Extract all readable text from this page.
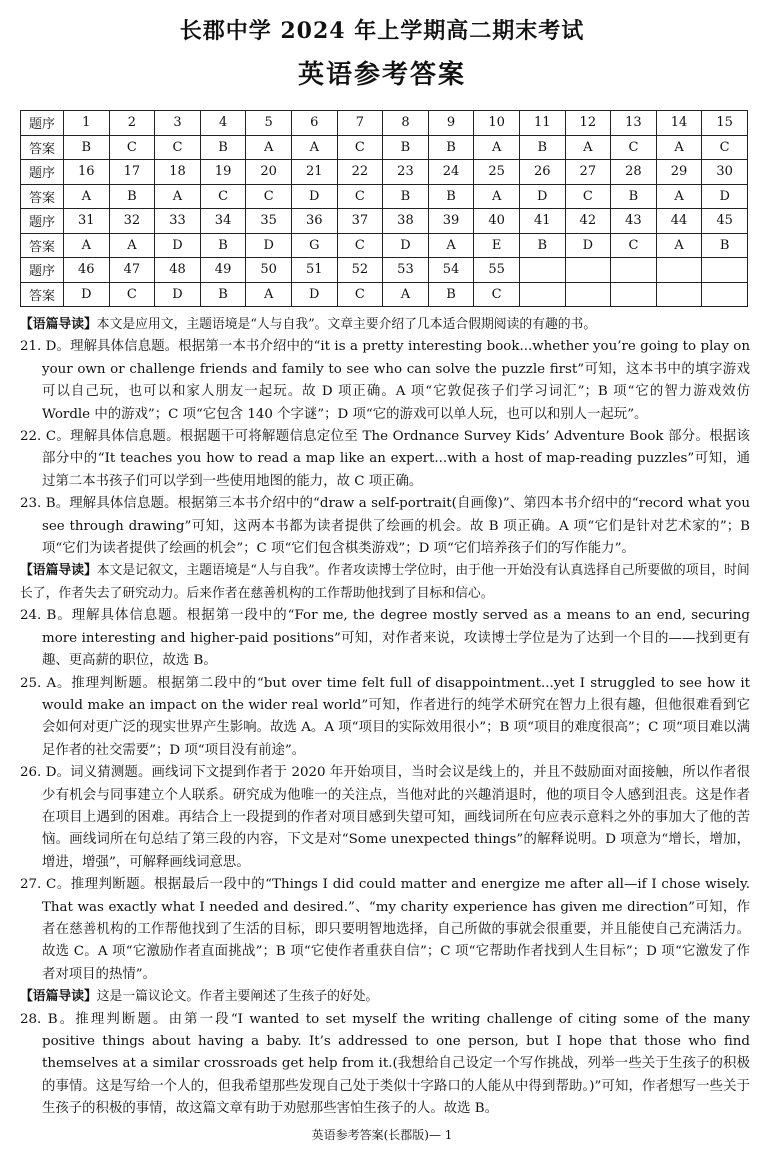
长郡中学 2024 年上学期高二期末考试
英语参考答案
题序	1	2	3	4	5	6	7	8	9	10	11	12	13	14	15
答案	B	C	C	B	A	A	C	B	B	A	B	A	C	A	C
题序	16	17	18	19	20	21	22	23	24	25	26	27	28	29	30
答案	A	B	A	C	C	D	C	B	B	A	D	C	B	A	D
题序	31	32	33	34	35	36	37	38	39	40	41	42	43	44	45
答案	A	A	D	B	D	G	C	D	A	E	B	D	C	A	B
题序	46	47	48	49	50	51	52	53	54	55					
答案	D	C	D	B	A	D	C	A	B	C					

【语篇导读】本文是应用文，主题语境是“人与自我”。文章主要介绍了几本适合假期阅读的有趣的书。

21. D。理解具体信息题。根据第一本书介绍中的“it is a pretty interesting book...whether you’re going to play on your own or challenge friends and family to see who can solve the puzzle first”可知，这本书中的填字游戏可以自己玩，也可以和家人朋友一起玩。故 D 项正确。A 项“它敦促孩子们学习词汇”；B 项“它的智力游戏效仿 Wordle 中的游戏”；C 项“它包含 140 个字谜”；D 项“它的游戏可以单人玩，也可以和别人一起玩”。

22. C。理解具体信息题。根据题干可将解题信息定位至 The Ordnance Survey Kids’ Adventure Book 部分。根据该部分中的“It teaches you how to read a map like an expert...with a host of map-reading puzzles”可知，通过第二本书孩子们可以学到一些使用地图的能力，故 C 项正确。

23. B。理解具体信息题。根据第三本书介绍中的“draw a self-portrait(自画像)”、第四本书介绍中的“record what you see through drawing”可知，这两本书都为读者提供了绘画的机会。故 B 项正确。A 项“它们是针对艺术家的”；B 项“它们为读者提供了绘画的机会”；C 项“它们包含棋类游戏”；D 项“它们培养孩子们的写作能力”。

【语篇导读】本文是记叙文，主题语境是“人与自我”。作者攻读博士学位时，由于他一开始没有认真选择自己所要做的项目，时间长了，作者失去了研究动力。后来作者在慈善机构的工作帮助他找到了目标和信心。

24. B。理解具体信息题。根据第一段中的“For me, the degree mostly served as a means to an end, securing more interesting and higher-paid positions”可知，对作者来说，攻读博士学位是为了达到一个目的——找到更有趣、更高薪的职位，故选 B。

25. A。推理判断题。根据第二段中的“but over time felt full of disappointment...yet I struggled to see how it would make an impact on the wider real world”可知，作者进行的纯学术研究在智力上很有趣，但他很难看到它会如何对更广泛的现实世界产生影响。故选 A。A 项“项目的实际效用很小”；B 项“项目的难度很高”；C 项“项目难以满足作者的社交需要”；D 项“项目没有前途”。

26. D。词义猜测题。画线词下文提到作者于 2020 年开始项目，当时会议是线上的，并且不鼓励面对面接触，所以作者很少有机会与同事建立个人联系。研究成为他唯一的关注点，当他对此的兴趣消退时，他的项目令人感到沮丧。这是作者在项目上遇到的困难。再结合上一段提到的作者对项目感到失望可知，画线词所在句应表示意料之外的事加大了他的苦恼。画线词所在句总结了第三段的内容，下文是对“Some unexpected things”的解释说明。D 项意为“增长，增加，增进，增强”，可解释画线词意思。

27. C。推理判断题。根据最后一段中的“Things I did could matter and energize me after all—if I chose wisely. That was exactly what I needed and desired.”、“my charity experience has given me direction”可知，作者在慈善机构的工作帮他找到了生活的目标，即只要明智地选择，自己所做的事就会很重要，并且能使自己充满活力。故选 C。A 项“它激励作者直面挑战”；B 项“它使作者重获自信”；C 项“它帮助作者找到人生目标”；D 项“它激发了作者对项目的热情”。

【语篇导读】这是一篇议论文。作者主要阐述了生孩子的好处。

28. B。推理判断题。由第一段“I wanted to set myself the writing challenge of citing some of the many positive things about having a baby. It’s addressed to one person, but I hope that those who find themselves at a similar crossroads get help from it.(我想给自己设定一个写作挑战，列举一些关于生孩子的积极的事情。这是写给一个人的，但我希望那些发现自己处于类似十字路口的人能从中得到帮助。)”可知，作者想写一些关于生孩子的积极的事情，故这篇文章有助于劝慰那些害怕生孩子的人。故选 B。

英语参考答案(长郡版)— 1
